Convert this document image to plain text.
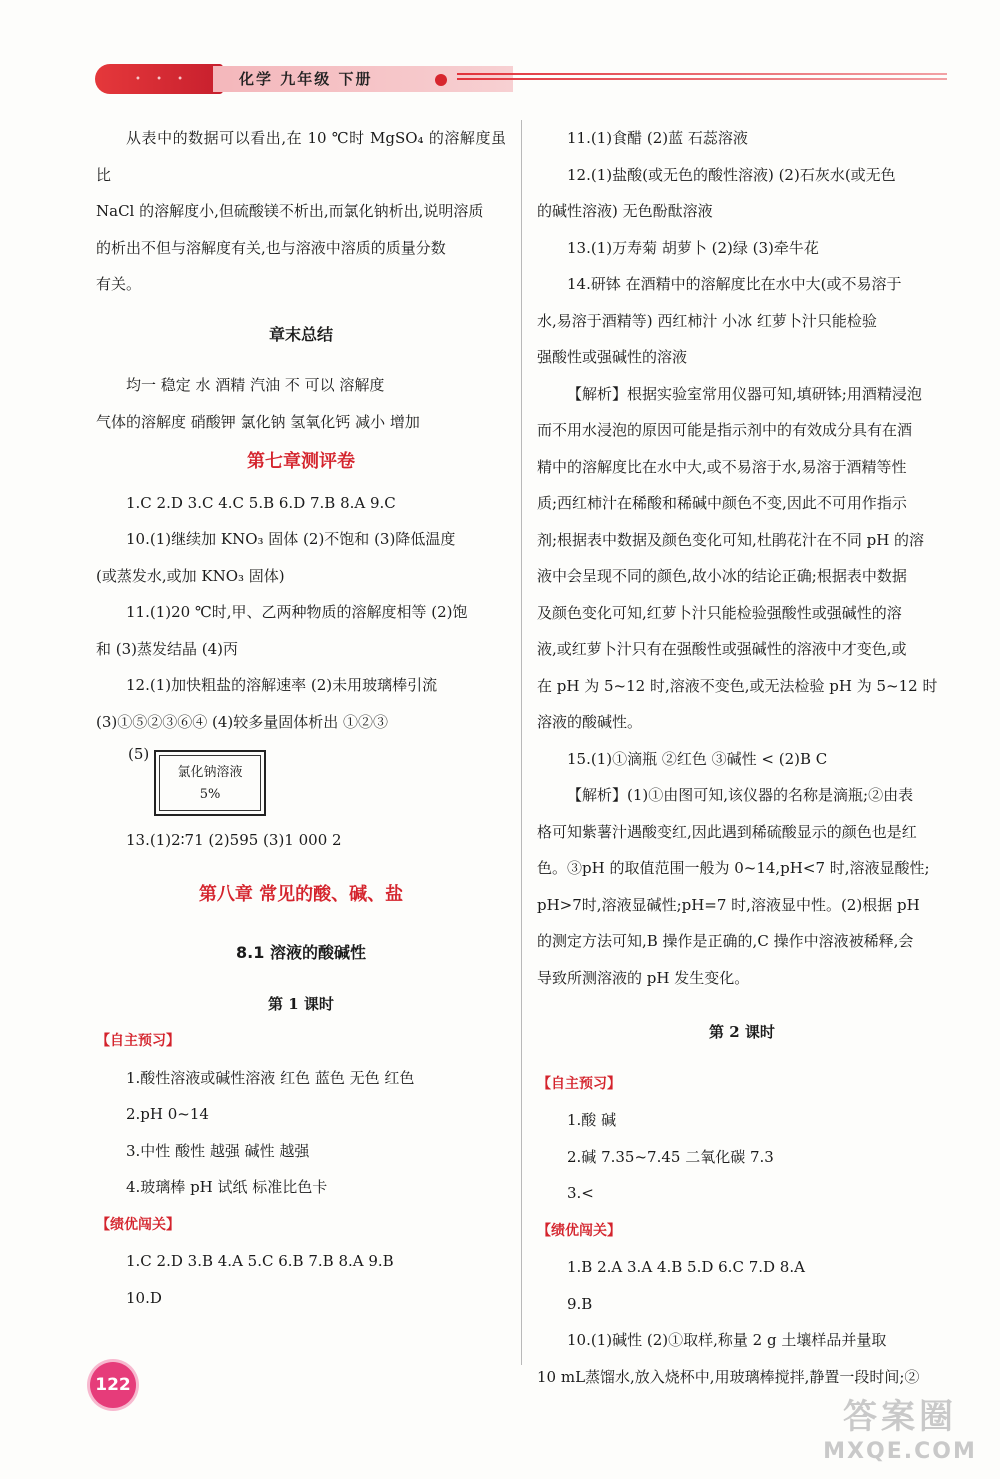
• • •	化学 九年级 下册

从表中的数据可以看出,在 10 ℃时 MgSO₄ 的溶解度虽比

NaCl 的溶解度小,但硫酸镁不析出,而氯化钠析出,说明溶质

的析出不但与溶解度有关,也与溶液中溶质的质量分数

有关。

章末总结

均一 稳定 水 酒精 汽油 不 可以 溶解度

气体的溶解度 硝酸钾 氯化钠 氢氧化钙 减小 增加

第七章测评卷

1.C 2.D 3.C 4.C 5.B 6.D 7.B 8.A 9.C

10.(1)继续加 KNO₃ 固体 (2)不饱和 (3)降低温度

(或蒸发水,或加 KNO₃ 固体)

11.(1)20 ℃时,甲、乙两种物质的溶解度相等 (2)饱

和 (3)蒸发结晶 (4)丙

12.(1)加快粗盐的溶解速率 (2)未用玻璃棒引流

(3)①⑤②③⑥④ (4)较多量固体析出 ①②③

(5)
氯化钠溶液
5%

13.(1)2∶71 (2)595 (3)1 000 2

第八章 常见的酸、碱、盐

8.1 溶液的酸碱性

第 1 课时

【自主预习】

1.酸性溶液或碱性溶液 红色 蓝色 无色 红色

2.pH 0~14

3.中性 酸性 越强 碱性 越强

4.玻璃棒 pH 试纸 标准比色卡

【绩优闯关】

1.C 2.D 3.B 4.A 5.C 6.B 7.B 8.A 9.B

10.D

11.(1)食醋 (2)蓝 石蕊溶液

12.(1)盐酸(或无色的酸性溶液) (2)石灰水(或无色

的碱性溶液) 无色酚酞溶液

13.(1)万寿菊 胡萝卜 (2)绿 (3)牵牛花

14.研钵 在酒精中的溶解度比在水中大(或不易溶于

水,易溶于酒精等) 西红柿汁 小冰 红萝卜汁只能检验

强酸性或强碱性的溶液

【解析】根据实验室常用仪器可知,填研钵;用酒精浸泡

而不用水浸泡的原因可能是指示剂中的有效成分具有在酒

精中的溶解度比在水中大,或不易溶于水,易溶于酒精等性

质;西红柿汁在稀酸和稀碱中颜色不变,因此不可用作指示

剂;根据表中数据及颜色变化可知,杜鹃花汁在不同 pH 的溶

液中会呈现不同的颜色,故小冰的结论正确;根据表中数据

及颜色变化可知,红萝卜汁只能检验强酸性或强碱性的溶

液,或红萝卜汁只有在强酸性或强碱性的溶液中才变色,或

在 pH 为 5~12 时,溶液不变色,或无法检验 pH 为 5~12 时

溶液的酸碱性。

15.(1)①滴瓶 ②红色 ③碱性 < (2)B C

【解析】(1)①由图可知,该仪器的名称是滴瓶;②由表

格可知紫薯汁遇酸变红,因此遇到稀硫酸显示的颜色也是红

色。③pH 的取值范围一般为 0~14,pH<7 时,溶液显酸性;

pH>7时,溶液显碱性;pH=7 时,溶液显中性。(2)根据 pH

的测定方法可知,B 操作是正确的,C 操作中溶液被稀释,会

导致所测溶液的 pH 发生变化。

第 2 课时

【自主预习】

1.酸 碱

2.碱 7.35~7.45 二氧化碳 7.3

3.<

【绩优闯关】

1.B 2.A 3.A 4.B 5.D 6.C 7.D 8.A

9.B

10.(1)碱性 (2)①取样,称量 2 g 土壤样品并量取

10 mL蒸馏水,放入烧杯中,用玻璃棒搅拌,静置一段时间;②

122
答案圈
MXQE.COM
